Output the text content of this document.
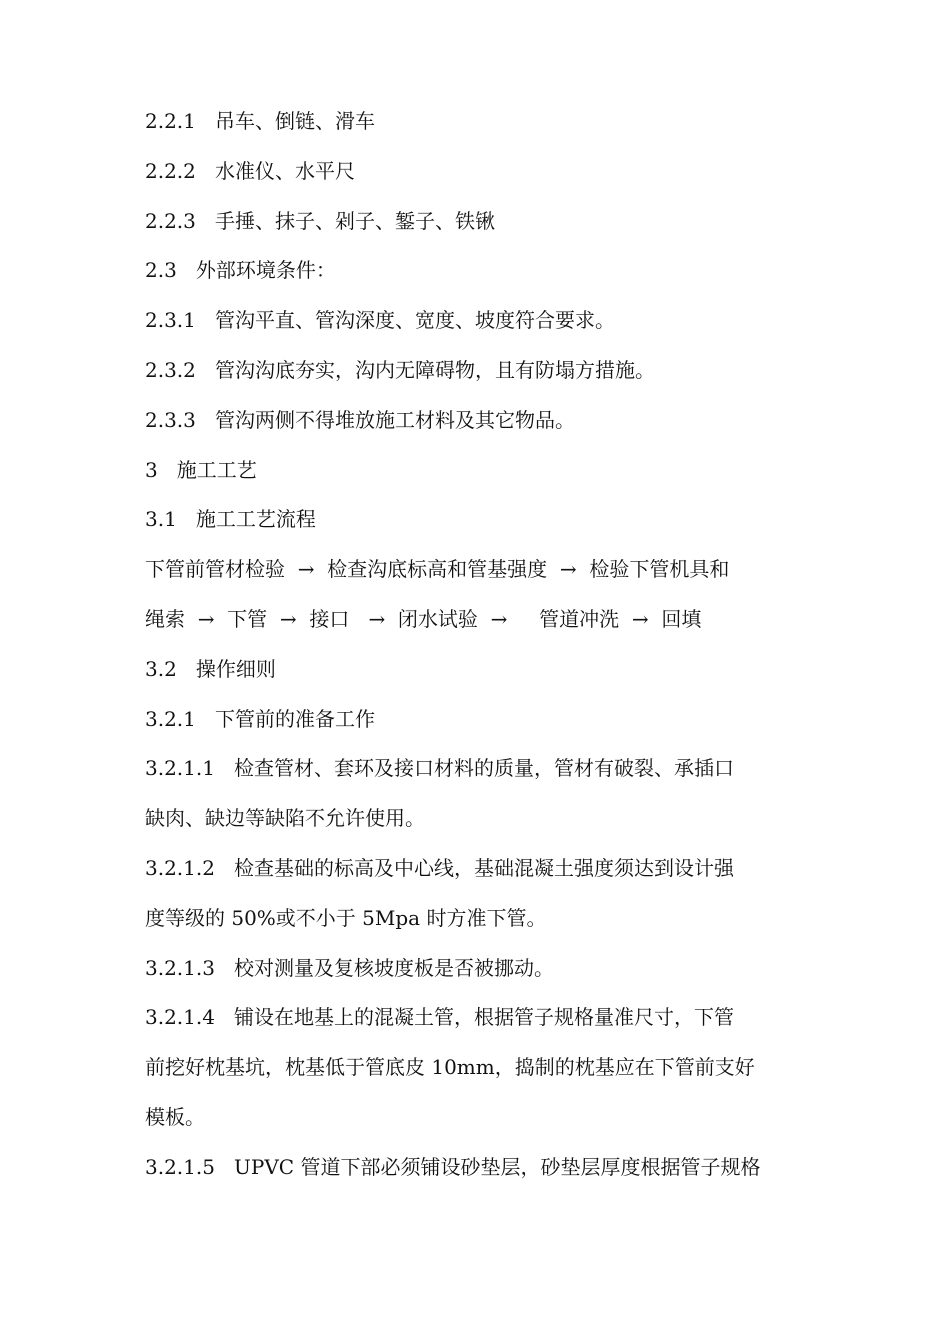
2.2.1   吊车、倒链、滑车
2.2.2   水准仪、水平尺
2.2.3   手捶、抹子、剁子、錾子、铁锹
2.3   外部环境条件：
2.3.1   管沟平直、管沟深度、宽度、坡度符合要求。
2.3.2   管沟沟底夯实，沟内无障碍物，且有防塌方措施。
2.3.3   管沟两侧不得堆放施工材料及其它物品。
3   施工工艺
3.1   施工工艺流程
下管前管材检验  →  检查沟底标高和管基强度  →  检验下管机具和
绳索  →  下管  →  接口   →  闭水试验  →     管道冲洗  →  回填
3.2   操作细则
3.2.1   下管前的准备工作
3.2.1.1   检查管材、套环及接口材料的质量，管材有破裂、承插口
缺肉、缺边等缺陷不允许使用。
3.2.1.2   检查基础的标高及中心线，基础混凝土强度须达到设计强
度等级的 50%或不小于 5Mpa 时方准下管。
3.2.1.3   校对测量及复核坡度板是否被挪动。
3.2.1.4   铺设在地基上的混凝土管，根据管子规格量准尺寸，下管
前挖好枕基坑，枕基低于管底皮 10mm，捣制的枕基应在下管前支好
模板。
3.2.1.5   UPVC 管道下部必须铺设砂垫层，砂垫层厚度根据管子规格
